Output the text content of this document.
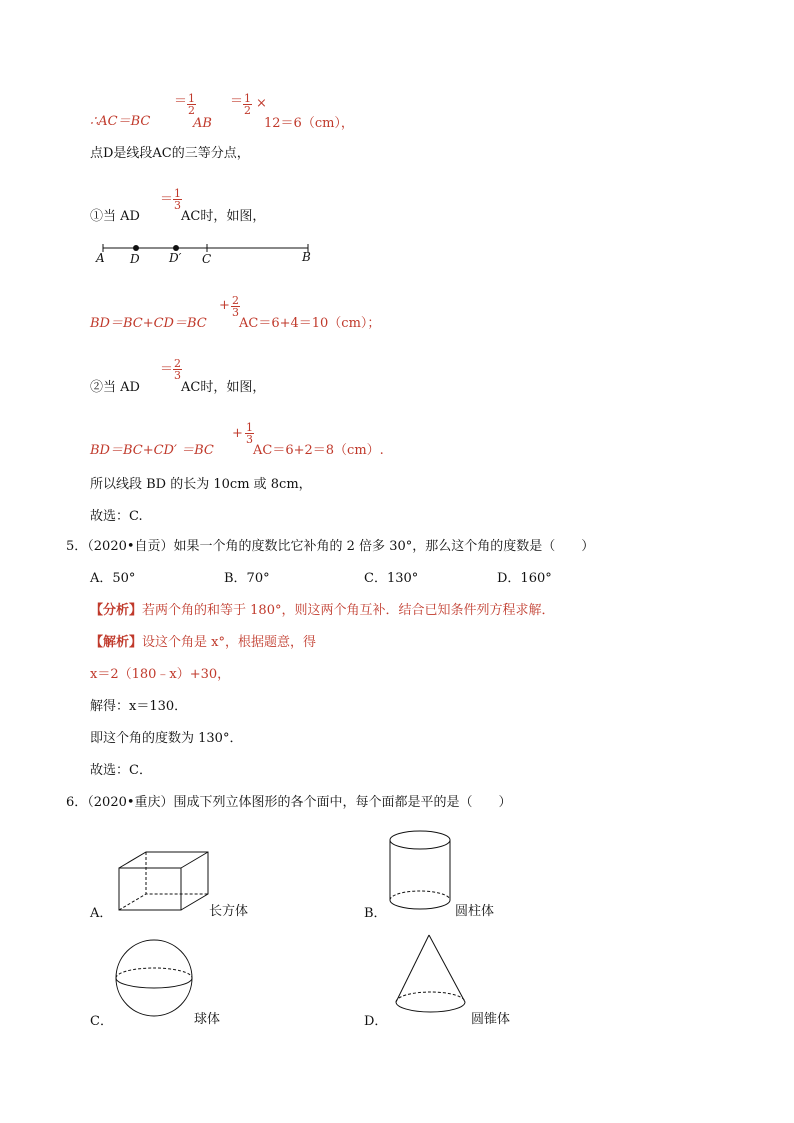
∴AC＝BC
＝ $\frac{1}{2}$
AB
＝ $\frac{1}{2}$ ×
12＝6（cm），
点D是线段AC的三等分点，
①当 AD
＝ $\frac{1}{3}$
AC时，如图，
A D D′ C	B
BD＝BC+CD＝BC
+ $\frac{2}{3}$
AC＝6+4＝10（cm）；
②当 AD
＝ $\frac{2}{3}$
AC时，如图，
BD＝BC+CD′ ＝BC
+ $\frac{1}{3}$
AC＝6+2＝8（cm）.
所以线段 BD 的长为 10cm 或 8cm，
故选：C.
5．（2020•自贡）如果一个角的度数比它补角的 2 倍多 30°，那么这个角的度数是（　　）
A．50°	B．70°	C．130°	D．160°
【分析】若两个角的和等于 180°，则这两个角互补．结合已知条件列方程求解．
【解析】设这个角是 x°，根据题意，得
x＝2（180﹣x）+30，
解得：x＝130．
即这个角的度数为 130°．
故选：C．
6．（2020•重庆）围成下列立体图形的各个面中，每个面都是平的是（　　）
A．	长方体	B．	圆柱体
C．	球体	D．	圆锥体
